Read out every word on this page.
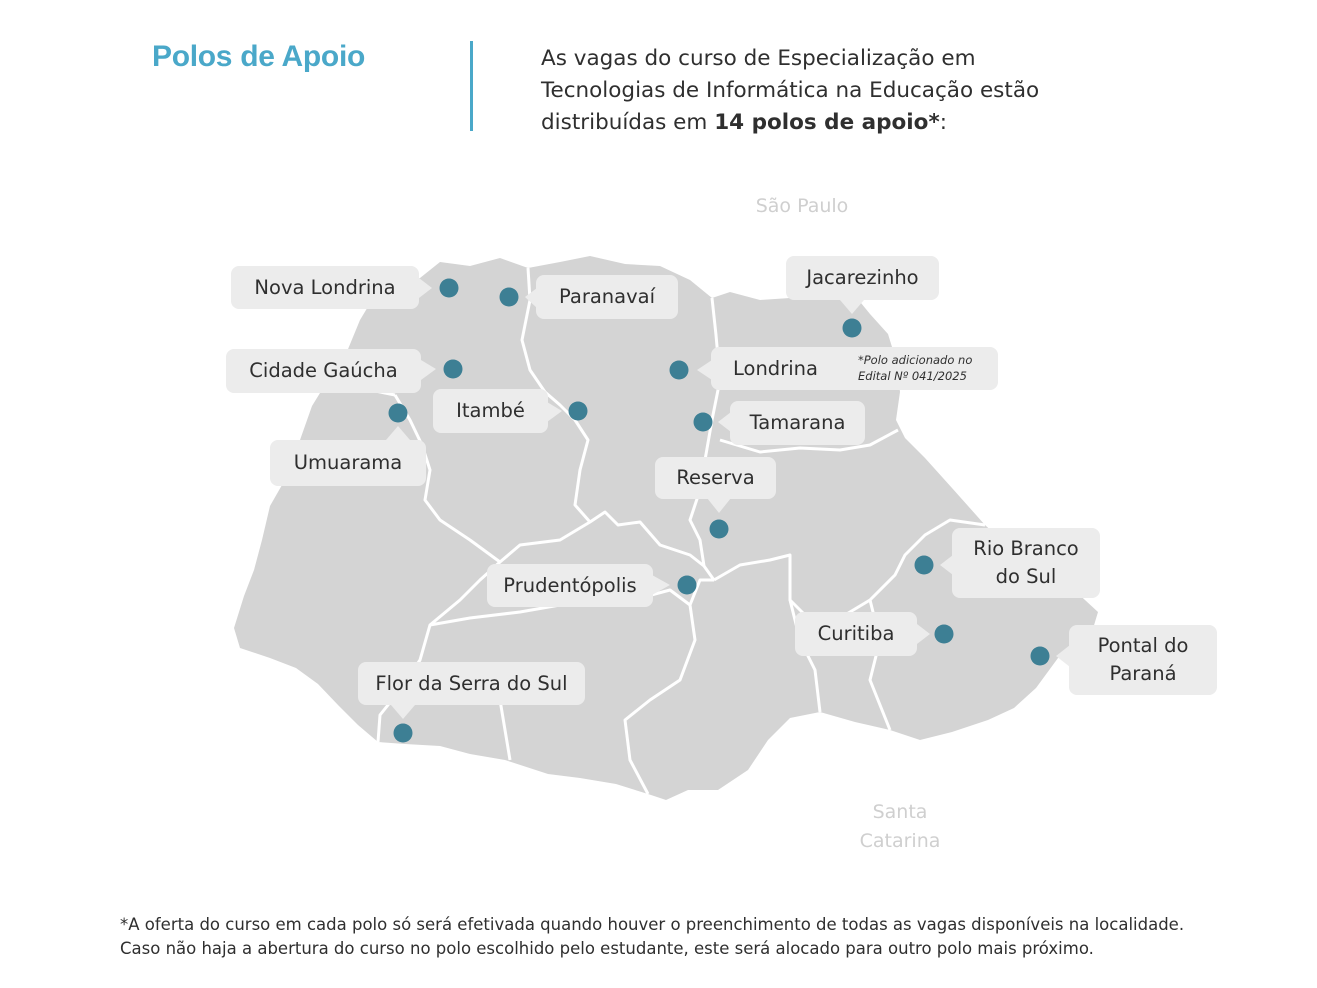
Polos de Apoio	As vagas do curso de Especialização em Tecnologias de Informática na Educação estão distribuídas em 14 polos de apoio*:
São Paulo
Santa
Catarina
Nova Londrina	Paranavaí
Jacarezinho
Cidade Gaúcha	Londrina	*Polo adicionado no
Edital Nº 041/2025
Itambé
Umuarama
Tamarana
Reserva
Rio Branco
do Sul
Prudentópolis
Curitiba
Pontal do
Paraná
Flor da Serra do Sul
*A oferta do curso em cada polo só será efetivada quando houver o preenchimento de todas as vagas disponíveis na localidade.
Caso não haja a abertura do curso no polo escolhido pelo estudante, este será alocado para outro polo mais próximo.
